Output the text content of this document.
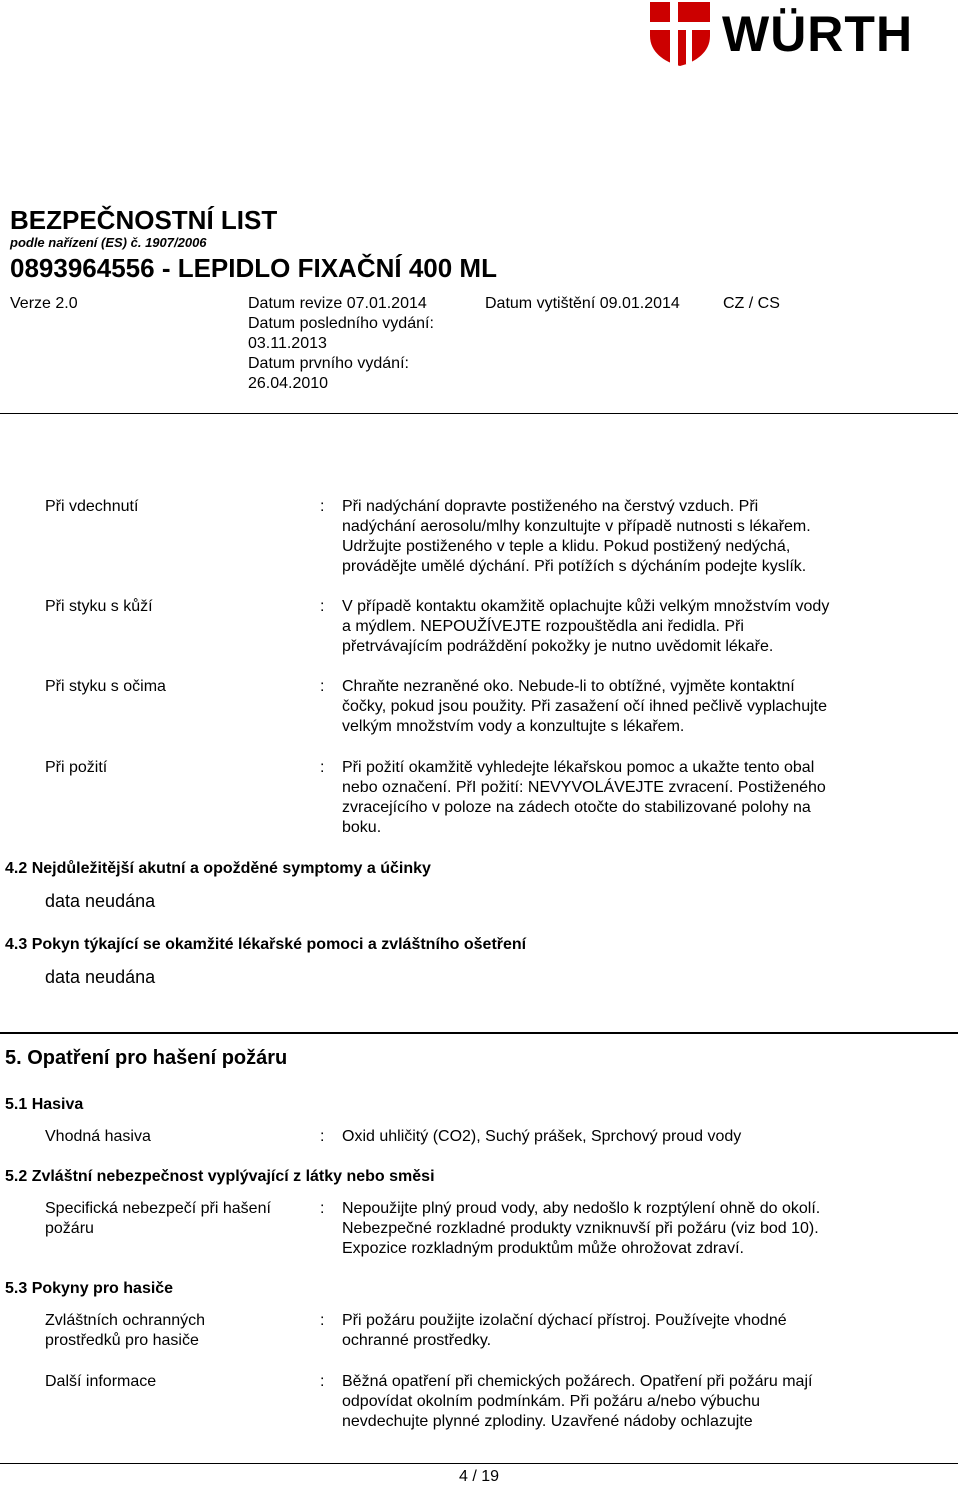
WÜRTH
BEZPEČNOSTNÍ LIST
podle nařízení (ES) č. 1907/2006
0893964556 - LEPIDLO FIXAČNÍ 400 ML
Verze 2.0	Datum revize 07.01.2014
Datum posledního vydání:
03.11.2013
Datum prvního vydání:
26.04.2010
Datum vytištění 09.01.2014	CZ / CS
Při vdechnutí	: Při nadýchání dopravte postiženého na čerstvý vzduch. Při
nadýchání aerosolu/mlhy konzultujte v případě nutnosti s lékařem.
Udržujte postiženého v teple a klidu. Pokud postižený nedýchá,
provádějte umělé dýchání. Při potížích s dýcháním podejte kyslík.
Při styku s kůží	: V případě kontaktu okamžitě oplachujte kůži velkým množstvím vody
a mýdlem. NEPOUŽÍVEJTE rozpouštědla ani ředidla. Při
přetrvávajícím podráždění pokožky je nutno uvědomit lékaře.
Při styku s očima	: Chraňte nezraněné oko. Nebude-li to obtížné, vyjměte kontaktní
čočky, pokud jsou použity. Při zasažení očí ihned pečlivě vyplachujte
velkým množstvím vody a konzultujte s lékařem.
Při požití	: Při požití okamžitě vyhledejte lékařskou pomoc a ukažte tento obal
nebo označení. PřI požití: NEVYVOLÁVEJTE zvracení. Postiženého
zvracejícího v poloze na zádech otočte do stabilizované polohy na
boku.
4.2 Nejdůležitější akutní a opožděné symptomy a účinky
data neudána
4.3 Pokyn týkající se okamžité lékařské pomoci a zvláštního ošetření
data neudána
5. Opatření pro hašení požáru
5.1 Hasiva
Vhodná hasiva	: Oxid uhličitý (CO2), Suchý prášek, Sprchový proud vody
5.2 Zvláštní nebezpečnost vyplývající z látky nebo směsi
Specifická nebezpečí při hašení
požáru
: Nepoužijte plný proud vody, aby nedošlo k rozptýlení ohně do okolí.
Nebezpečné rozkladné produkty vzniknuvší při požáru (viz bod 10).
Expozice rozkladným produktům může ohrožovat zdraví.
5.3 Pokyny pro hasiče
Zvláštních ochranných
prostředků pro hasiče
: Při požáru použijte izolační dýchací přístroj. Používejte vhodné
ochranné prostředky.
Další informace	: Běžná opatření při chemických požárech. Opatření při požáru mají
odpovídat okolním podmínkám. Při požáru a/nebo výbuchu
nevdechujte plynné zplodiny. Uzavřené nádoby ochlazujte
4 / 19
